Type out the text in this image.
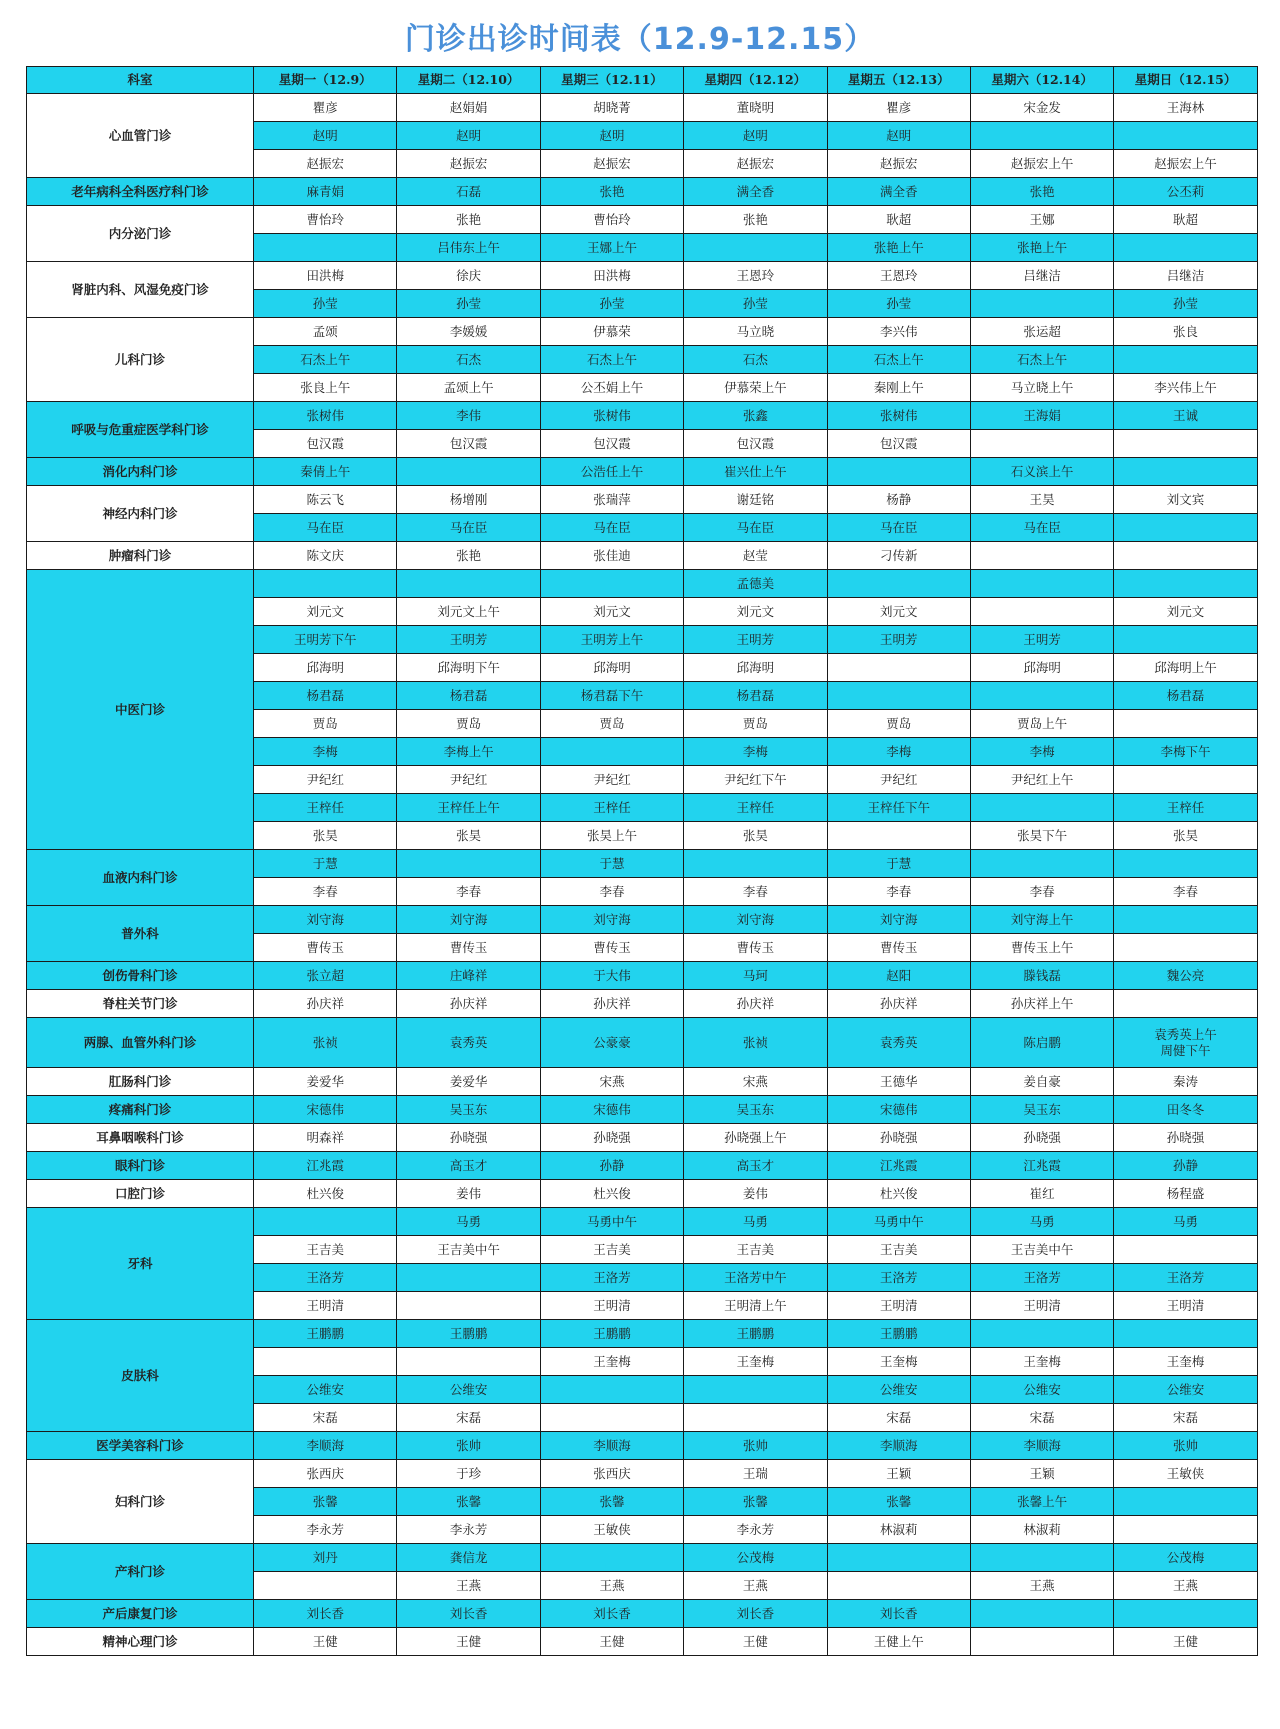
门诊出诊时间表（12.9-12.15）
科室	星期一（12.9）	星期二（12.10）	星期三（12.11）	星期四（12.12）	星期五（12.13）	星期六（12.14）	星期日（12.15）
心血管门诊	瞿彦	赵娟娟	胡晓菁	董晓明	瞿彦	宋金发	王海林
	赵明	赵明	赵明	赵明	赵明		
	赵振宏	赵振宏	赵振宏	赵振宏	赵振宏	赵振宏上午	赵振宏上午
老年病科全科医疗科门诊	麻青娟	石磊	张艳	满全香	满全香	张艳	公丕莉
内分泌门诊	曹怡玲	张艳	曹怡玲	张艳	耿超	王娜	耿超
		吕伟东上午	王娜上午		张艳上午	张艳上午	
肾脏内科、风湿免疫门诊	田洪梅	徐庆	田洪梅	王恩玲	王恩玲	吕继洁	吕继洁
	孙莹	孙莹	孙莹	孙莹	孙莹		孙莹
儿科门诊	孟颂	李媛媛	伊慕荣	马立晓	李兴伟	张运超	张良
	石杰上午	石杰	石杰上午	石杰	石杰上午	石杰上午	
	张良上午	孟颂上午	公丕娟上午	伊慕荣上午	秦刚上午	马立晓上午	李兴伟上午
呼吸与危重症医学科门诊	张树伟	李伟	张树伟	张鑫	张树伟	王海娟	王诚
	包汉霞	包汉霞	包汉霞	包汉霞	包汉霞		
消化内科门诊	秦倩上午		公浩任上午	崔兴仕上午		石义滨上午	
神经内科门诊	陈云飞	杨增刚	张瑞萍	谢廷铭	杨静	王昊	刘文宾
	马在臣	马在臣	马在臣	马在臣	马在臣	马在臣	
肿瘤科门诊	陈文庆	张艳	张佳迪	赵莹	刁传新		
中医门诊				孟德美			
	刘元文	刘元文上午	刘元文	刘元文	刘元文		刘元文
	王明芳下午	王明芳	王明芳上午	王明芳	王明芳	王明芳	
	邱海明	邱海明下午	邱海明	邱海明		邱海明	邱海明上午
	杨君磊	杨君磊	杨君磊下午	杨君磊			杨君磊
	贾岛	贾岛	贾岛	贾岛	贾岛	贾岛上午	
	李梅	李梅上午		李梅	李梅	李梅	李梅下午
	尹纪红	尹纪红	尹纪红	尹纪红下午	尹纪红	尹纪红上午	
	王梓任	王梓任上午	王梓任	王梓任	王梓任下午		王梓任
	张昊	张昊	张昊上午	张昊		张昊下午	张昊
血液内科门诊	于慧		于慧		于慧		
	李春	李春	李春	李春	李春	李春	李春
普外科	刘守海	刘守海	刘守海	刘守海	刘守海	刘守海上午	
	曹传玉	曹传玉	曹传玉	曹传玉	曹传玉	曹传玉上午	
创伤骨科门诊	张立超	庄峰祥	于大伟	马珂	赵阳	滕钱磊	魏公亮
脊柱关节门诊	孙庆祥	孙庆祥	孙庆祥	孙庆祥	孙庆祥	孙庆祥上午	
两腺、血管外科门诊	张祯	袁秀英	公豪豪	张祯	袁秀英	陈启鹏	袁秀英上午
周健下午
肛肠科门诊	姜爱华	姜爱华	宋燕	宋燕	王德华	姜自豪	秦涛
疼痛科门诊	宋德伟	吴玉东	宋德伟	吴玉东	宋德伟	吴玉东	田冬冬
耳鼻咽喉科门诊	明森祥	孙晓强	孙晓强	孙晓强上午	孙晓强	孙晓强	孙晓强
眼科门诊	江兆霞	高玉才	孙静	高玉才	江兆霞	江兆霞	孙静
口腔门诊	杜兴俊	姜伟	杜兴俊	姜伟	杜兴俊	崔红	杨程盛
牙科		马勇	马勇中午	马勇	马勇中午	马勇	马勇
	王吉美	王吉美中午	王吉美	王吉美	王吉美	王吉美中午	
	王洛芳		王洛芳	王洛芳中午	王洛芳	王洛芳	王洛芳
	王明清		王明清	王明清上午	王明清	王明清	王明清
皮肤科	王鹏鹏	王鹏鹏	王鹏鹏	王鹏鹏	王鹏鹏		
			王奎梅	王奎梅	王奎梅	王奎梅	王奎梅
	公维安	公维安			公维安	公维安	公维安
	宋磊	宋磊			宋磊	宋磊	宋磊
医学美容科门诊	李顺海	张帅	李顺海	张帅	李顺海	李顺海	张帅
妇科门诊	张西庆	于珍	张西庆	王瑞	王颖	王颖	王敏侠
	张馨	张馨	张馨	张馨	张馨	张馨上午	
	李永芳	李永芳	王敏侠	李永芳	林淑莉	林淑莉	
产科门诊	刘丹	龚信龙		公茂梅			公茂梅
		王燕	王燕	王燕		王燕	王燕
产后康复门诊	刘长香	刘长香	刘长香	刘长香	刘长香		
精神心理门诊	王健	王健	王健	王健	王健上午		王健
